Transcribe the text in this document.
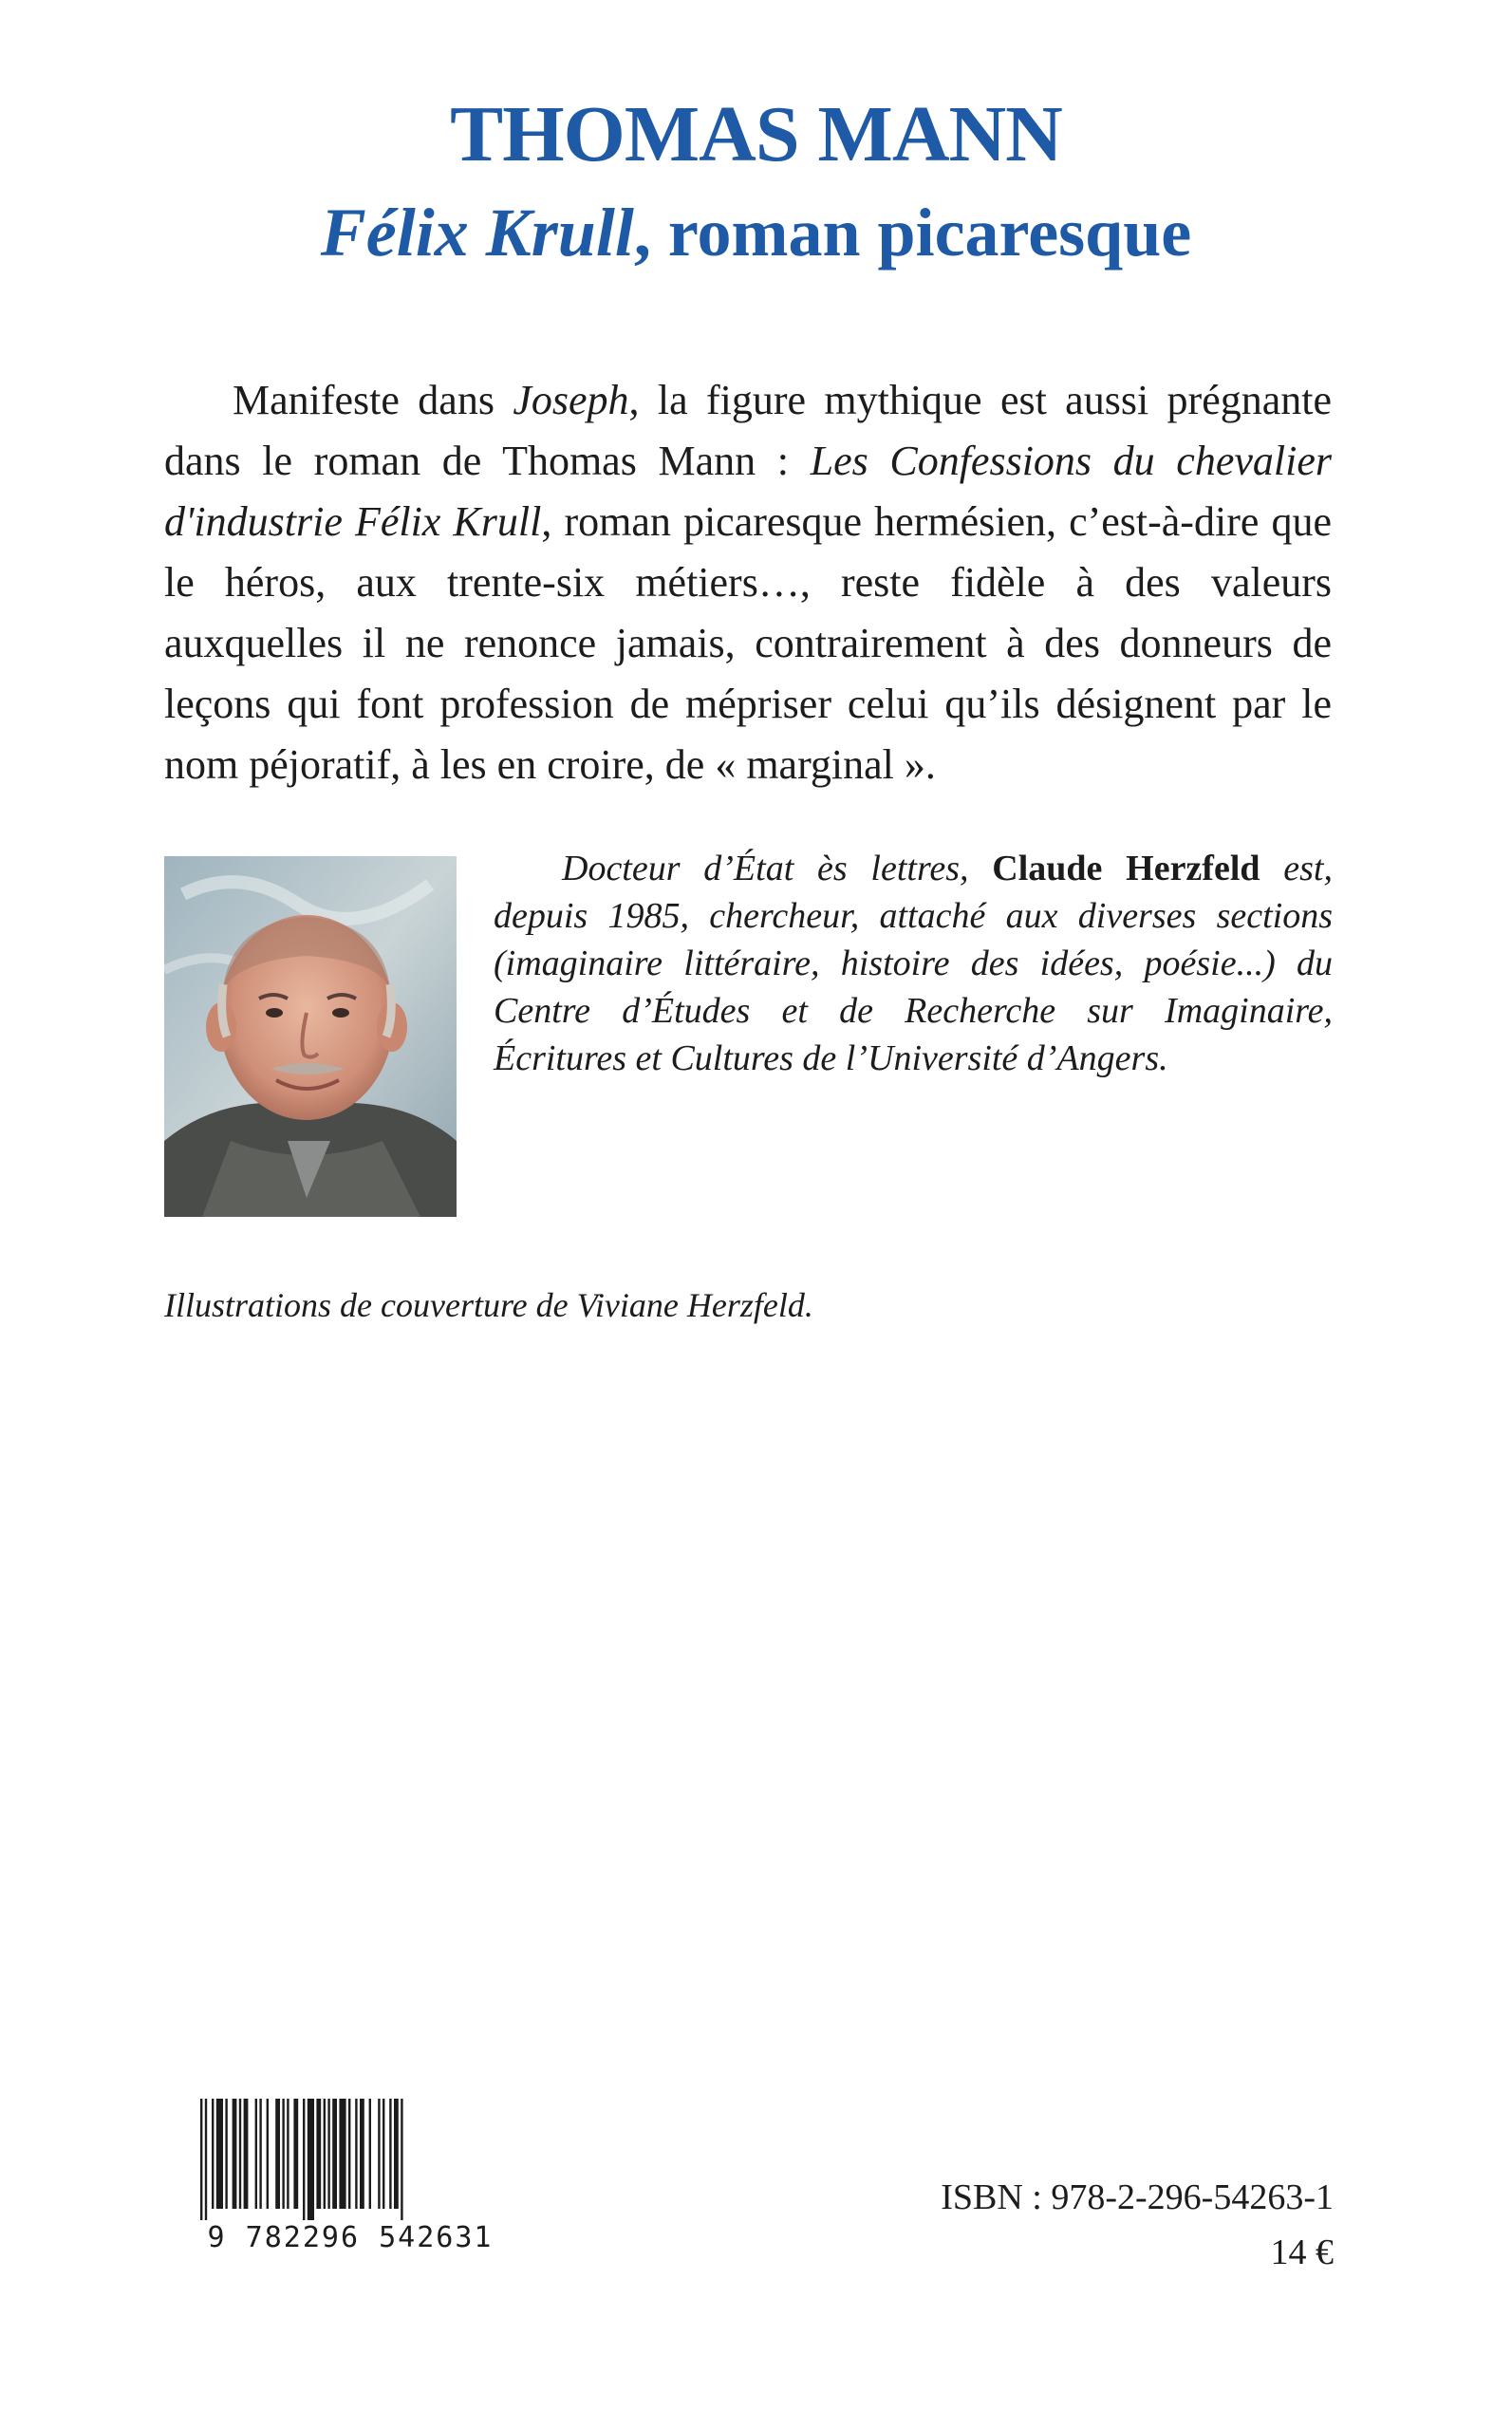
THOMAS MANN
Félix Krull, roman picaresque

Manifeste dans Joseph, la figure mythique est aussi prégnante dans le roman de Thomas Mann : Les Confessions du chevalier d'industrie Félix Krull, roman picaresque hermésien, c’est-à-dire que le héros, aux trente-six métiers…, reste fidèle à des valeurs auxquelles il ne renonce jamais, contrairement à des donneurs de leçons qui font profession de mépriser celui qu’ils désignent par le nom péjoratif, à les en croire, de « marginal ».

Docteur d’État ès lettres, Claude Herzfeld est, depuis 1985, chercheur, attaché aux diverses sections (imaginaire littéraire, histoire des idées, poésie...) du Centre d’Études et de Recherche sur Imaginaire, Écritures et Cultures de l’Université d’Angers.

Illustrations de couverture de Viviane Herzfeld.
9 782296 542631
ISBN : 978-2-296-54263-1
14 €
